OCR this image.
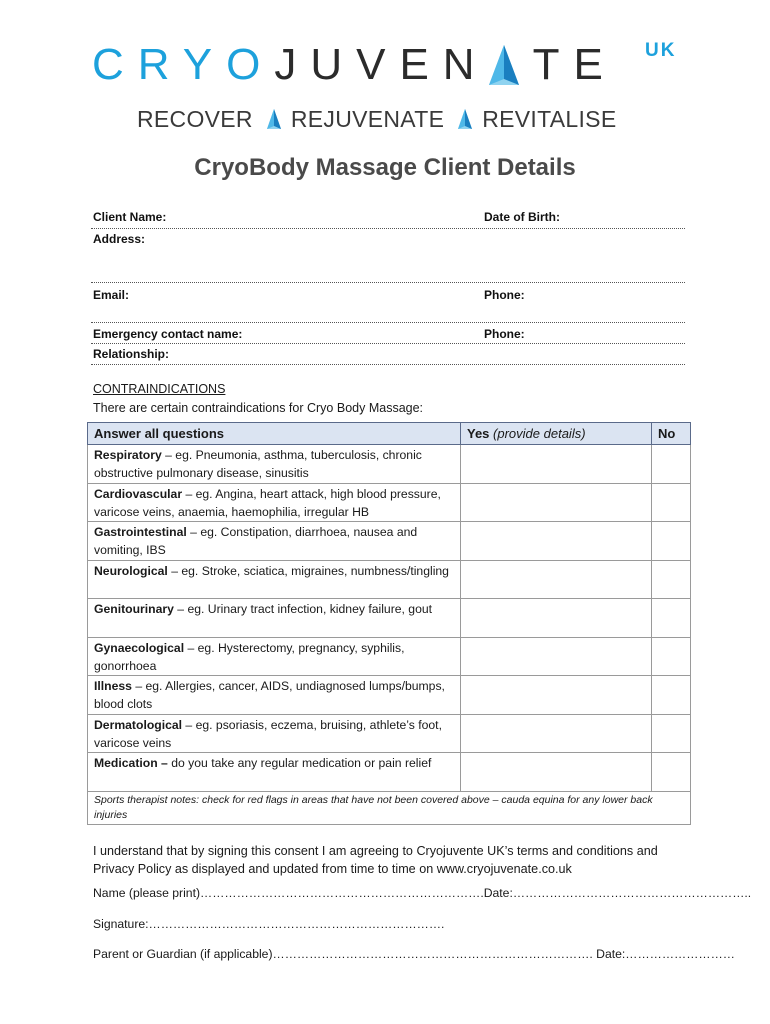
CRYO JUVEN TE UK
RECOVER REJUVENATE REVITALISE
CryoBody Massage Client Details
Client Name:	Date of Birth:
Address:
Email:	Phone:
Emergency contact name:	Phone:
Relationship:
CONTRAINDICATIONS
There are certain contraindications for Cryo Body Massage:
Answer all questions	Yes (provide details)	No
Respiratory – eg. Pneumonia, asthma, tuberculosis, chronic obstructive pulmonary disease, sinusitis		
Cardiovascular – eg. Angina, heart attack, high blood pressure, varicose veins, anaemia, haemophilia, irregular HB		
Gastrointestinal – eg. Constipation, diarrhoea, nausea and vomiting, IBS		
Neurological – eg. Stroke, sciatica, migraines, numbness/tingling		
Genitourinary – eg. Urinary tract infection, kidney failure, gout		
Gynaecological – eg. Hysterectomy, pregnancy, syphilis, gonorrhoea		
Illness – eg. Allergies, cancer, AIDS, undiagnosed lumps/bumps, blood clots		
Dermatological – eg. psoriasis, eczema, bruising, athlete’s foot, varicose veins		
Medication – do you take any regular medication or pain relief		
Sports therapist notes: check for red flags in areas that have not been covered above – cauda equina for any lower back injuries		
I understand that by signing this consent I am agreeing to Cryojuvente UK’s terms and conditions and Privacy Policy as displayed and updated from time to time on www.cryojuvenate.co.uk
Name (please print)…………………………………………………………….Date:…………………………………………………..
Signature:……………………………………………………………….
Parent or Guardian (if applicable)……………………………………………………………………. Date:………………………
